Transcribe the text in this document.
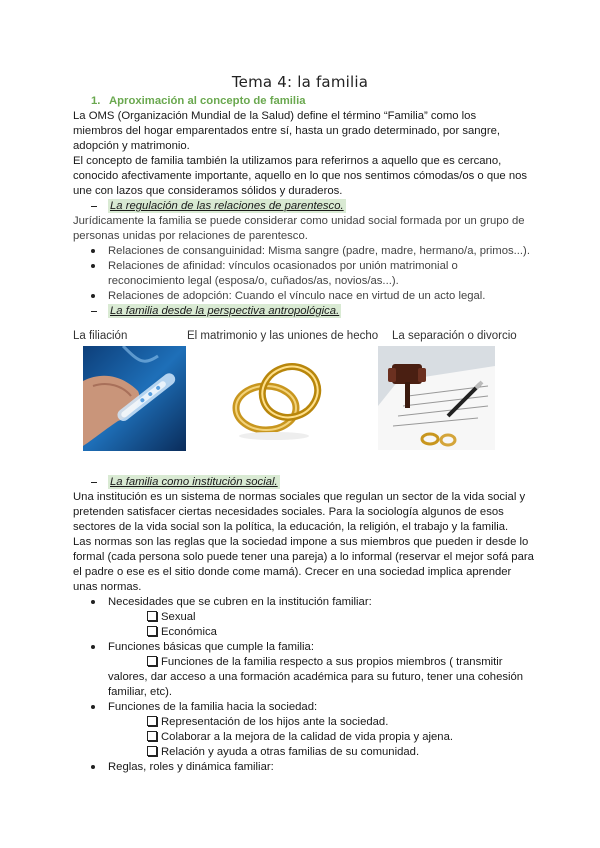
Tema 4: la familia
1. Aproximación al concepto de familia
La OMS (Organización Mundial de la Salud) define el término “Familia” como los
miembros del hogar emparentados entre sí, hasta un grado determinado, por sangre,
adopción y matrimonio.
El concepto de familia también la utilizamos para referirnos a aquello que es cercano,
conocido afectivamente importante, aquello en lo que nos sentimos cómodas/os o que nos
une con lazos que consideramos sólidos y duraderos.
La regulación de las relaciones de parentesco.
Jurídicamente la familia se puede considerar como unidad social formada por un grupo de
personas unidas por relaciones de parentesco.
Relaciones de consanguinidad: Misma sangre (padre, madre, hermano/a, primos...).
Relaciones de afinidad: vínculos ocasionados por unión matrimonial o
reconocimiento legal (esposa/o, cuñados/as, novios/as...).
Relaciones de adopción: Cuando el vínculo nace en virtud de un acto legal.
La familia desde la perspectiva antropológica.
La filiación	El matrimonio y las uniones de hecho La separación o divorcio
La familia como institución social.
Una institución es un sistema de normas sociales que regulan un sector de la vida social y
pretenden satisfacer ciertas necesidades sociales. Para la sociología algunos de esos
sectores de la vida social son la política, la educación, la religión, el trabajo y la familia.
Las normas son las reglas que la sociedad impone a sus miembros que pueden ir desde lo
formal (cada persona solo puede tener una pareja) a lo informal (reservar el mejor sofá para
el padre o ese es el sitio donde come mamá). Crecer en una sociedad implica aprender
unas normas.
Necesidades que se cubren en la institución familiar:
Sexual
Económica
Funciones básicas que cumple la familia:
Funciones de la familia respecto a sus propios miembros ( transmitir
valores, dar acceso a una formación académica para su futuro, tener una cohesión
familiar, etc).
Funciones de la familia hacia la sociedad:
Representación de los hijos ante la sociedad.
Colaborar a la mejora de la calidad de vida propia y ajena.
Relación y ayuda a otras familias de su comunidad.
Reglas, roles y dinámica familiar:
